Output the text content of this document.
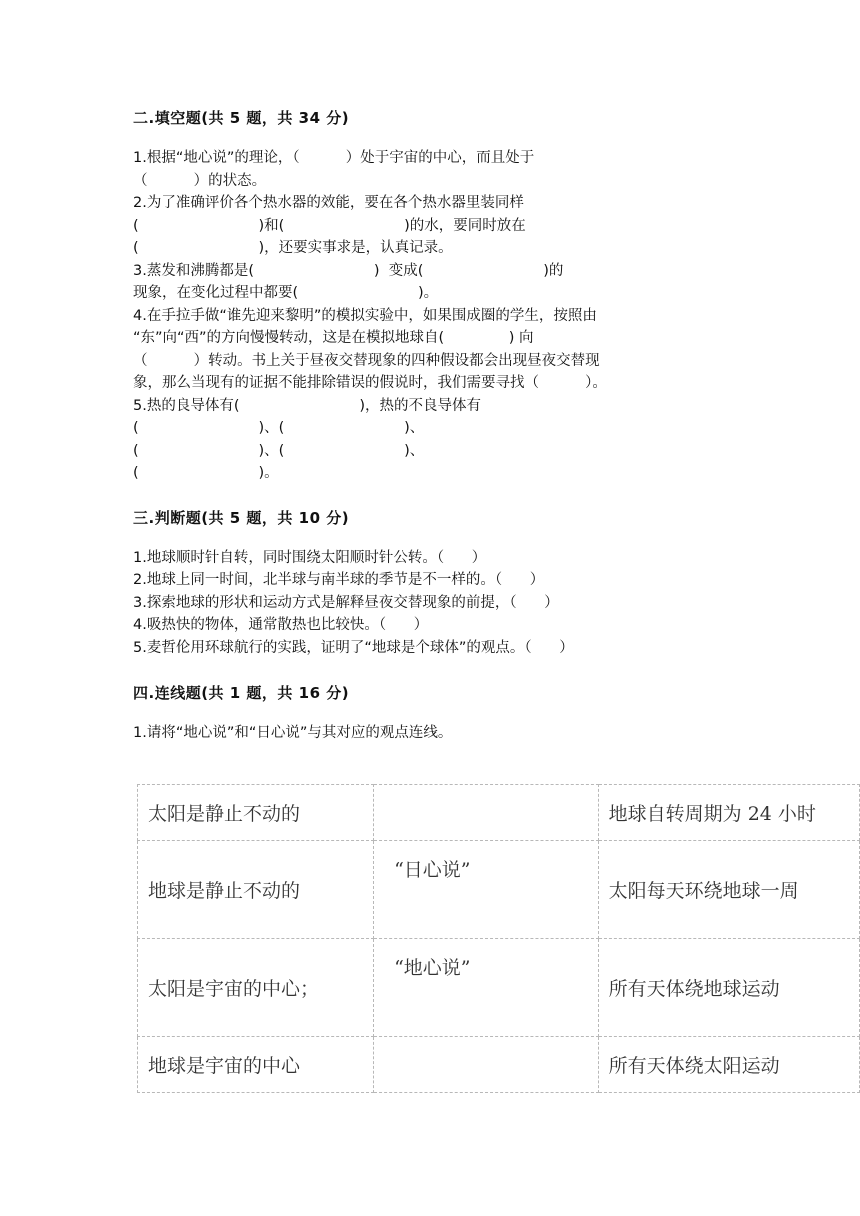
二.填空题(共 5 题，共 34 分)
1.根据“地心说”的理论，（          ）处于宇宙的中心，而且处于
（          ）的状态。
2.为了准确评价各个热水器的效能，要在各个热水器里装同样
(                          )和(                          )的水，要同时放在
(                          )，还要实事求是，认真记录。
3.蒸发和沸腾都是(                          )  变成(                          )的
现象，在变化过程中都要(                          )。
4.在手拉手做“谁先迎来黎明”的模拟实验中，如果围成圈的学生，按照由
“东”向“西”的方向慢慢转动，这是在模拟地球自(              ) 向
（          ）转动。书上关于昼夜交替现象的四种假设都会出现昼夜交替现
象，那么当现有的证据不能排除错误的假说时，我们需要寻找（          ）。
5.热的良导体有(                          )，热的不良导体有
(                          )、(                          )、
(                          )、(                          )、
(                          )。
三.判断题(共 5 题，共 10 分)
1.地球顺时针自转，同时围绕太阳顺时针公转。（      ）
2.地球上同一时间，北半球与南半球的季节是不一样的。（      ）
3.探索地球的形状和运动方式是解释昼夜交替现象的前提，（      ）
4.吸热快的物体，通常散热也比较快。（      ）
5.麦哲伦用环球航行的实践，证明了“地球是个球体”的观点。（      ）
四.连线题(共 1 题，共 16 分)
1.请将“地心说”和“日心说”与其对应的观点连线。
太阳是静止不动的		地球自转周期为 24 小时
地球是静止不动的	“日心说”	太阳每天环绕地球一周
太阳是宇宙的中心；	“地心说”	所有天体绕地球运动
地球是宇宙的中心		所有天体绕太阳运动
